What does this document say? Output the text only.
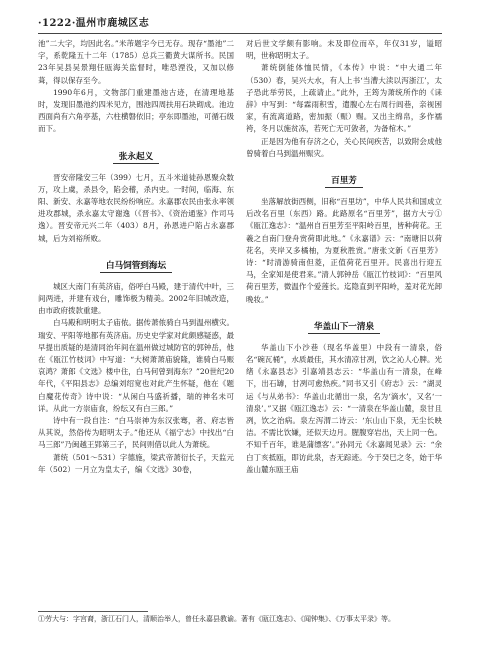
·1222·温州市鹿城区志

池”二大字，均因此名。”米芾题字今已无存。现存“墨池”二字，系乾隆五十二年（1785）总兵三衢黄大谋所书。民国23年吴县吴景翔任瓯海关监督时，唯恐湮没，又加以修葺，得以保存至今。

1990年6月，文物部门重建墨池古迹，在清理地基时，发现旧墨池约四米见方，围池四周扶用石块砌成。池边西面尚有六角亭基，六柱横磐依旧；亭东即墨池，可循石级而下。

张永起义

晋安帝隆安三年（399）七月，五斗米道徒孙恩聚众数万，攻上虞，杀县令，陷会稽，杀内史。一时间，临海、东阳、新安、永嘉等地农民纷纷响应。永嘉郡农民由张永率领进攻郡城，杀永嘉太守谢逸（《晋书》、《资治通鉴》作司马逸）。晋安帝元兴二年（403）8月，孙恩进户陷占永嘉郡城，后为刘裕所败。

白马饲管到海坛

城区大南门有英济庙，俗呼白马殿，建于清代中叶，三间两进，并建有戏台，雕饰极为精美。2002年旧城改造，由市政府拨款重建。

白马殿和明明太子庙侬。据传萧侬骑白马到温州横灾。瑞安、平阳等地都有英济庙。历史史学家对此颇感疑惑，最早提出质疑的是清同治年间在温州做过城防官的郭钟岳，他在《瓯江竹枝词》中写道：“大树萧萧庙貌隆，谁骑白马赈哀鸿？萧郎《文选》楼中住，白马何曾到海东？”20世纪20年代，《平阳县志》总编刘绍宽也对此产生怀疑，他在《题白魔花传奇》诗中说：“从闲白马盛祈播，瑞的神名未可详。从此一方崇庙食，纷纭又有白三郎。”

诗中有一段自注：“白马崇神为东汉张骞，者、府志皆从其说，然俗传为昭明太子。”他还从《福宁志》中找出“白马三郎”乃闽越王郢第三子，民间则借以此人为萧统。

萧统（501～531）字德施，梁武帝萧衍长子，天监元年（502）一月立为皇太子，编《文选》30卷，

对后世文学颇有影响。未及即位而卒，年仅31岁，谥昭明，世称昭明太子。

萧统倒能体恤民情，《本传》中说：“中大通二年（530）春，吴兴大水，有人上书‘当漕大渎以泻浙江’，太子恐此举劳民，上疏请止。”此外，王筠为萧统所作的《诔辞》中写到：“每霖雨积雪，遣腹心左右周行闾巷，亲视困家，有流离道路，密加振（赈）赐。又出主绵帛，多作襦袴，冬月以施贫冻，若死亡无可敛者，为备棺木。”

正是因为他有存济之心，关心民间疾苦，以致附会成他曾骑着白马到温州赈灾。

百里芳

坐落解放街西侧，旧称“百里坊”，中华人民共和国成立后改名百里（东西）路。此路原名“百里芳”，据方大亏①《瓯江逸志》：“温州自百里芳至平阳岭百里，皆种荷花。王羲之自南门登舟赏荷即此地。”《永嘉谱》云：“南塘旧以荷花名，夹岸又多橘柚，为夏秋胜赏。”唐张文新《百里芳》诗：“时清游骑南但菱，正值荷花百里开。民喜出行迎五马，全家知是使君来。”清人郭钟岳《瓯江竹枝词》：“百里风荷百里芳，微温作个爱莲长。迄隐直到平阳岭，羞对花光卸晚妆。”

华盖山下一清泉

华盖山下小沙巷（现名华盖里）中段有一清泉，俗名“碗瓦桶”，水质最佳，其水清凉甘冽，饮之沁人心脾。光绪《永嘉县志》引嘉靖县志云：“华盖山有一清泉，在峰下，出石罅，甘冽可愈热疾。”同书又引《府志》云：“湖灵运《与从弟书》：华盖山北循出一泉，名为‘滴水’，又名‘一清泉’。”又据《瓯江逸志》云：“一清泉在华盖山麓，泉甘且冽，饮之治病。泉左泻渭二诗云：‘东山山下泉，无尘长映洁。不需比饮嫌，还似天边月。腥腹穿岩出，天上同一色。不知千百年，谁是蒲缥客’。”孙同元《永嘉闻见录》云：“余白丁亥抵瓯，即访此泉，杏无踪迹。今于癸巳之冬，始于华盖山麓东瓯王庙

①劳大与：字宫裔，浙江石门人，清顺治举人，曾任永嘉县教谕。著有《瓯江逸志》、《闻钟集》、《万事太平录》等。
